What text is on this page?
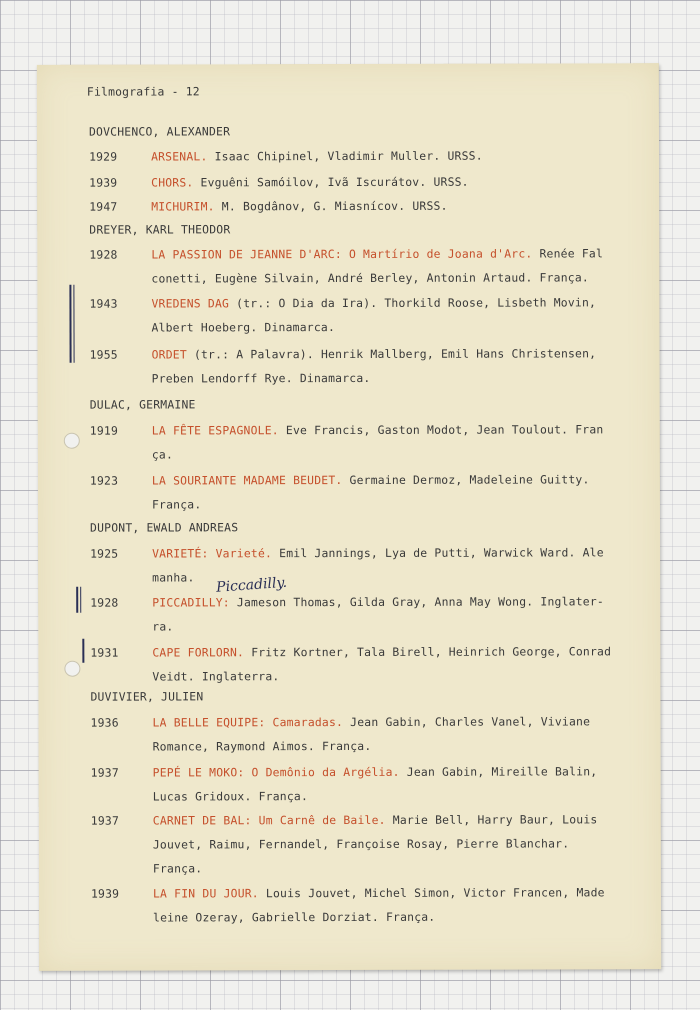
Filmografia - 12
DOVCHENCO, ALEXANDER
1929	ARSENAL. Isaac Chipinel, Vladimir Muller. URSS.
1939	CHORS. Evguêni Samóilov, Ivã Iscurátov. URSS.
1947	MICHURIM. M. Bogdânov, G. Miasnícov. URSS.
DREYER, KARL THEODOR
1928	LA PASSION DE JEANNE D'ARC: O Martírio de Joana d'Arc. Renée Fal
conetti, Eugène Silvain, André Berley, Antonin Artaud. França.
1943	VREDENS DAG (tr.: O Dia da Ira). Thorkild Roose, Lisbeth Movin,
Albert Hoeberg. Dinamarca.
1955	ORDET (tr.: A Palavra). Henrik Mallberg, Emil Hans Christensen,
Preben Lendorff Rye. Dinamarca.
DULAC, GERMAINE
1919	LA FÊTE ESPAGNOLE. Eve Francis, Gaston Modot, Jean Toulout. Fran
ça.
1923	LA SOURIANTE MADAME BEUDET. Germaine Dermoz, Madeleine Guitty.
França.
DUPONT, EWALD ANDREAS
1925	VARIETÉ: Varieté. Emil Jannings, Lya de Putti, Warwick Ward. Ale
manha. Piccadilly.
1928	PICCADILLY: Jameson Thomas, Gilda Gray, Anna May Wong. Inglater-
ra.
1931	CAPE FORLORN. Fritz Kortner, Tala Birell, Heinrich George, Conrad
Veidt. Inglaterra.
DUVIVIER, JULIEN
1936	LA BELLE EQUIPE: Camaradas. Jean Gabin, Charles Vanel, Viviane
Romance, Raymond Aimos. França.
1937	PEPÉ LE MOKO: O Demônio da Argélia. Jean Gabin, Mireille Balin,
Lucas Gridoux. França.
1937	CARNET DE BAL: Um Carnê de Baile. Marie Bell, Harry Baur, Louis
Jouvet, Raimu, Fernandel, Françoise Rosay, Pierre Blanchar.
França.
1939	LA FIN DU JOUR. Louis Jouvet, Michel Simon, Victor Francen, Made
leine Ozeray, Gabrielle Dorziat. França.
